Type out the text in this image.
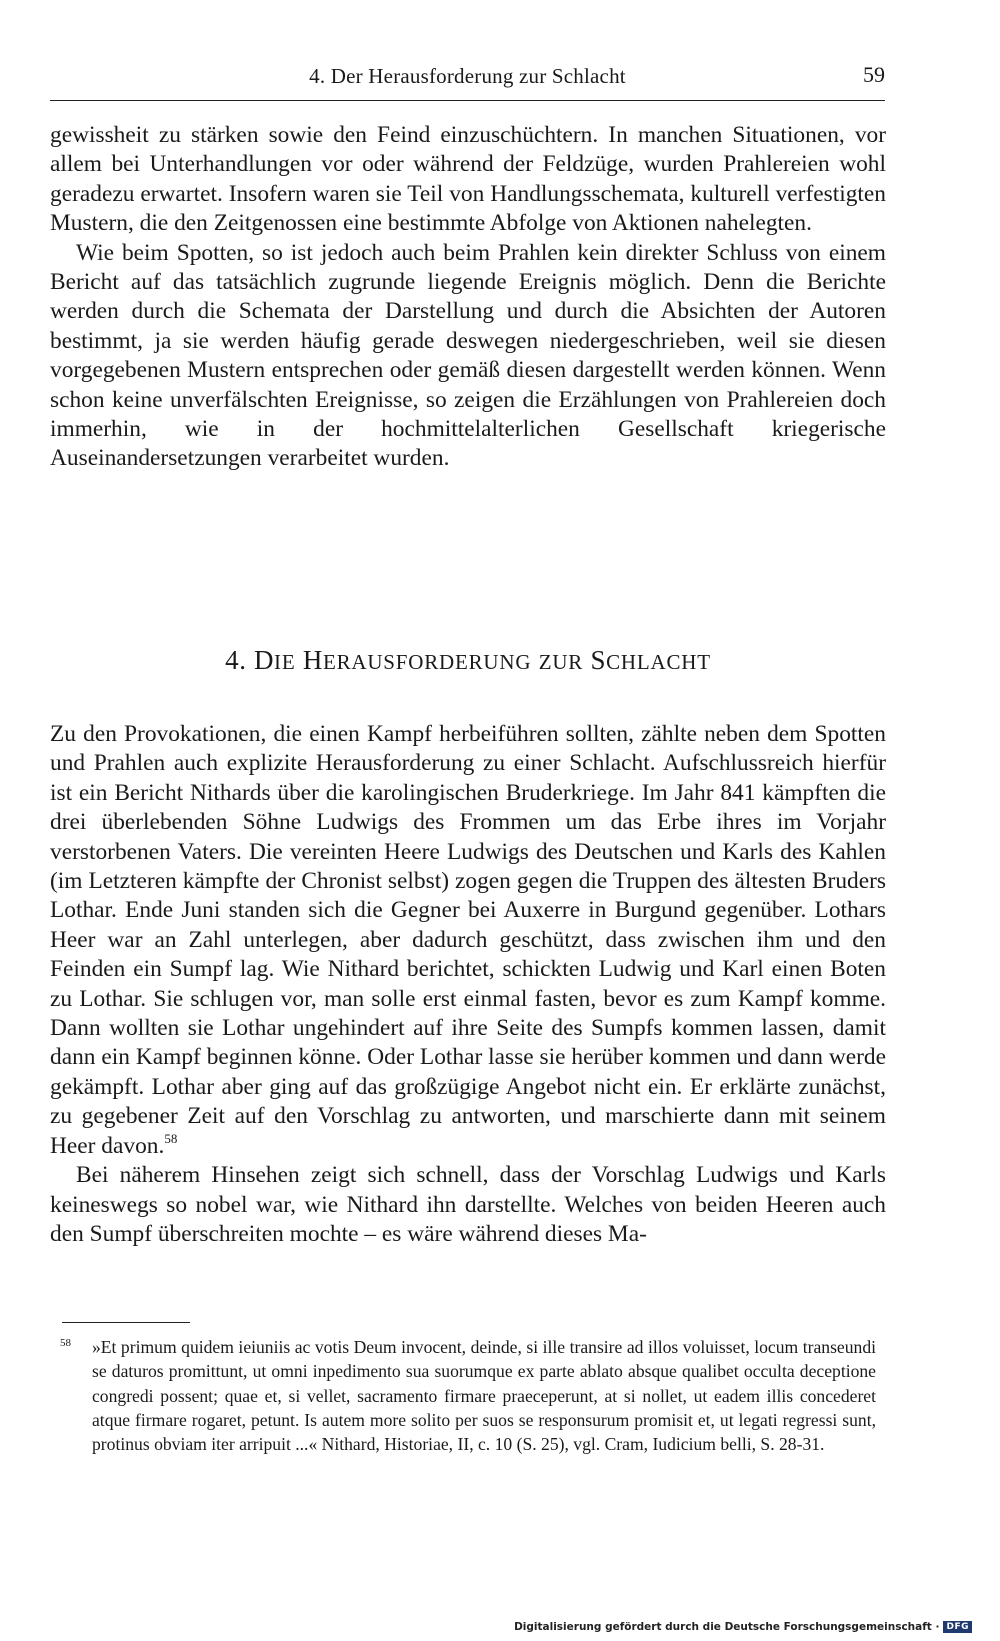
4. Der Herausforderung zur Schlacht	59

gewissheit zu stärken sowie den Feind einzuschüchtern. In manchen Situationen, vor allem bei Unterhandlungen vor oder während der Feldzüge, wurden Prahlereien wohl geradezu erwartet. Insofern waren sie Teil von Handlungsschemata, kulturell verfestigten Mustern, die den Zeitgenossen eine bestimmte Abfolge von Aktionen nahelegten.

Wie beim Spotten, so ist jedoch auch beim Prahlen kein direkter Schluss von einem Bericht auf das tatsächlich zugrunde liegende Ereignis möglich. Denn die Berichte werden durch die Schemata der Darstellung und durch die Absichten der Autoren bestimmt, ja sie werden häufig gerade deswegen niedergeschrieben, weil sie diesen vorgegebenen Mustern entsprechen oder gemäß diesen dargestellt werden können. Wenn schon keine unverfälschten Ereignisse, so zeigen die Erzählungen von Prahlereien doch immerhin, wie in der hochmittelalterlichen Gesellschaft kriegerische Auseinandersetzungen verarbeitet wurden.

4. DIE HERAUSFORDERUNG ZUR SCHLACHT

Zu den Provokationen, die einen Kampf herbeiführen sollten, zählte neben dem Spotten und Prahlen auch explizite Herausforderung zu einer Schlacht. Aufschlussreich hierfür ist ein Bericht Nithards über die karolingischen Bruderkriege. Im Jahr 841 kämpften die drei überlebenden Söhne Ludwigs des Frommen um das Erbe ihres im Vorjahr verstorbenen Vaters. Die vereinten Heere Ludwigs des Deutschen und Karls des Kahlen (im Letzteren kämpfte der Chronist selbst) zogen gegen die Truppen des ältesten Bruders Lothar. Ende Juni standen sich die Gegner bei Auxerre in Burgund gegenüber. Lothars Heer war an Zahl unterlegen, aber dadurch geschützt, dass zwischen ihm und den Feinden ein Sumpf lag. Wie Nithard berichtet, schickten Ludwig und Karl einen Boten zu Lothar. Sie schlugen vor, man solle erst einmal fasten, bevor es zum Kampf komme. Dann wollten sie Lothar ungehindert auf ihre Seite des Sumpfs kommen lassen, damit dann ein Kampf beginnen könne. Oder Lothar lasse sie herüber kommen und dann werde gekämpft. Lothar aber ging auf das großzügige Angebot nicht ein. Er erklärte zunächst, zu gegebener Zeit auf den Vorschlag zu antworten, und marschierte dann mit seinem Heer davon.$^{58}$

Bei näherem Hinsehen zeigt sich schnell, dass der Vorschlag Ludwigs und Karls keineswegs so nobel war, wie Nithard ihn darstellte. Welches von beiden Heeren auch den Sumpf überschreiten mochte – es wäre während dieses Ma-

58 »Et primum quidem ieiuniis ac votis Deum invocent, deinde, si ille transire ad illos voluisset, locum transeundi se daturos promittunt, ut omni inpedimento sua suorumque ex parte ablato absque qualibet occulta deceptione congredi possent; quae et, si vellet, sacramento firmare praeceperunt, at si nollet, ut eadem illis concederet atque firmare rogaret, petunt. Is autem more solito per suos se responsurum promisit et, ut legati regressi sunt, protinus obviam iter arripuit ...« Nithard, Historiae, II, c. 10 (S. 25), vgl. Cram, Iudicium belli, S. 28-31.
Digitalisierung gefördert durch die Deutsche Forschungsgemeinschaft · DFG
